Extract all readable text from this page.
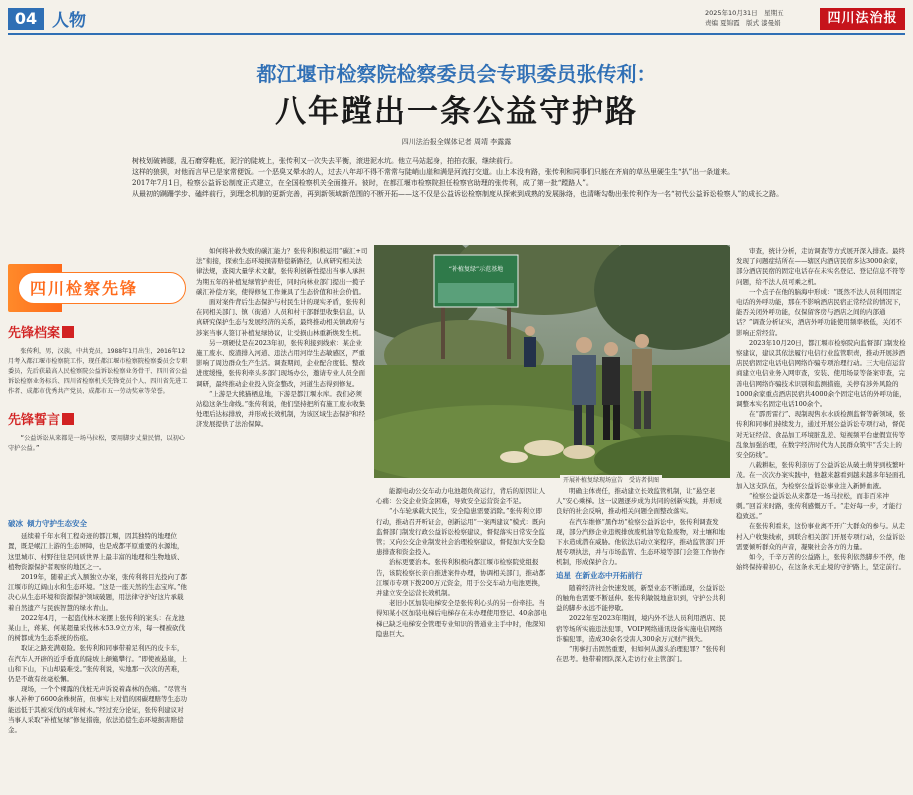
04 人物	2025年10月31日　星期五
责编 夏锦霞　版式 漆曼娟	四川法治报
都江堰市检察院检察委员会专职委员张传利：
八年蹚出一条公益守护路
四川法治报全媒体记者 周靖 李露露

树枝划破裤腿，乱石磨穿鞋底，泥泞的陡坡上，张传利又一次失去平衡，滚进泥水坑。他立马站起身，拍拍衣服，继续前行。

这样的狼狈，对他而言早已是家常便饭。一个恶臭又晕水的人，过去八年却不得不常常与陡峭山崖和满是河流打交道。山上本没有路，张传利和同事们只能在齐肩的草丛里硬生生“扒”出一条道来。

2017年7月1日，检察公益诉讼制度正式建立，在全国检察机关全面推开。彼时，在都江堰市检察院担任检察官助理的张传利，成了第一批“蹚路人”。

从最初的蹒跚学步、磕绊前行，到理念机制的更新完善，再到新领域新范围的不断开拓——这不仅是公益诉讼检察制度从探索到成熟的发展脉络，也清晰勾勒出张传利作为一名“初代公益诉讼检察人”的成长之路。

四川检察先锋
先锋档案
张传利，男，汉族，中共党员，1988年1月出生，2016年12月考入都江堰市检察院工作，现任都江堰市检察院检察委员会专职委员，先后获最高人民检察院公益诉讼检察业务骨干、四川省公益诉讼检察业务标兵、四川省检察机关先锋党员个人、四川省先进工作者、成都市优秀共产党员、成都市五一劳动奖章等荣誉。
先锋誓言
“公益诉讼从来都是一场马拉松，要用脚步丈量民情，以初心守护公益。”
破冰 倾力守护生态安全

延续着千年水利工程奇迹的都江堰，因其独特的地理位置，既是岷江上游的生态屏障，也是成都平原重要的水源地，这里城市、村野往往是同质世界上最丰富的地理和生物地质、植物资源保护者观察的地区之一。

2019年，随着正式入额独立办案，张传利将目光投向了都江堰市的辽阔山水和生态环境。“这是一座天然的生态宝库。”他决心从生态环境和资源保护领域破题，用法律守护好这片承载着自然遗产与民族智慧的绿水青山。

2022年4月，一起盗伐林木案摆上张传利的案头：在龙池某山上，蒋某、何某超量采伐林木53.9立方米，每一棵被砍伐的树都成为生态系统的伤痕。

取证之路充满艰险。张传利和同事带着足利匹的皮卡车，在汽车人开辟的近乎垂直的陡坡上颠簸攀行。“即使被悬崖，上山和下山，下山却最难受。”张传利说，实地那一次次的苦难，仍是不敢有丝毫松懈。

现场，一个个裸露的伐桩无声诉说着森林的伤痛。“尽管当事人补种了6600余株树苗，但事实上对值的困碳理赔等生态功能远低于其被采伐的成年树木。”经过充分论证，张传利建议对当事人采取“补植复绿”修复措施，依法追偿生态环境损害赔偿金。

如何将补救失败的碳汇能力？张传利积极运用“碳汇+司法”衔接，探索生态环境损害赔偿新路径，认真研究相关法律法规，查阅大量学术文献，张传利创新性提出当事人承担为期五年的补植复绿管护责任，同时向林业部门提出一揽子碳汇补偿方案，使得修复工作兼具了生态价值和社会价值。

面对案件背后生态保护与村民生计的现实矛盾，张传利在同相关部门、镇（街道）人员和村干部群里收集信息，认真研究保护生态与发展经济的关系，最终推动相关镇政府与涉案当事人签订补植复绿协议，让受损山林重新焕发生机。

另一项硬仗是在2023年初，张传利接到线索：某企业施工废水、废渣排入河道、违法占用河岸生态敏感区，严重影响了周边群众生产生活。调查期间，企业配合度低、整改进度缓慢，张传利牵头多部门现场办公，邀请专业人员全面调研，最终推动企业投入资金整改，河道生态得到修复。

“上游是大熊猫栖息地，下游是都江堰水库。我们必须站稳这条生命线。”张传利说，他们坚持把所有施工废水收集处理后达标排放，并形成长效机制，为该区域生态保护和经济发展提供了法治保障。

能源电动公交车动力电池超负荷运行，背后的原因让人心痛：公交企业资金困难，导致安全运营资金不足。

“小车轮承载大民生，安全隐患需要消除。”张传利立即行动，推动召开听证会，创新运用“一案两建议”模式：既向监督部门制发行政公益诉讼检察建议，督促落实日常安全监管；又向公交企业制发社会治理检察建议，督促加大安全隐患排查和资金投入。

治标更要治本。张传利积极向都江堰市检察院党组报告，该院检察长亲自推进案件办理，协调相关部门，推动都江堰市专项下拨200万元资金，用于公交车动力电池更换，并建立安全运营长效机制。

老旧小区加装电梯安全是张传利心头的另一份牵挂。当得知某小区加装电梯后电梯存在未办理使用登记、40余部电梯已缺乏电梯安全管理专业知识的普通业主手中时，他深知隐患巨大。

明确主体责任，推动建立长效监管机制，让“悬空老人”安心乘梯。这一议题逐步成为共同的创新实践，并形成良好的社会反响，推动相关问题全面整改落实。

在汽车维修“黑作坊”检察公益诉讼中，张传利调查发现，部分汽修企业违规排放废机油等危险废物，对土壤和地下水造成潜在威胁。他依法启动立案程序，推动监管部门开展专项执法，并与市场监管、生态环境等部门会签工作协作机制，形成保护合力。

追星 在新业态中开拓前行

随着经济社会快速发展，新型业态不断涌现，公益诉讼的触角也需要不断延伸。张传利敏锐地意识到，守护公共利益的脚步永远不能停歇。

2022年至2023年期间，境内外不法人员利用酒店、民宿等场所实施违法犯罪，VOIP网络通讯设备实施电信网络诈骗犯罪，造成30余名受害人300余万元财产损失。

“刑事打击固然重要，但如何从源头治理犯罪？”张传利在思考。他带着团队深入走访行业主管部门。

审查，统计分析，走访调查等方式展开深入排查。最终发现了问题症结所在——辖区内酒店民宿多达3000余家，部分酒店民宿的固定电话存在未实名登记、登记信息不符等问题，给不法人员可乘之机。

一个点子在他的脑海中形成：“既然不法人员利用固定电话的外呼功能，那在不影响酒店民宿正常经营的情况下，能否关闭外呼功能，仅保留客房与酒店之间的内部通话？”调查分析证实，酒店外呼功能使用频率极低，关闭不影响正常经营。

2023年10月20日，都江堰市检察院向监督部门制发检察建议，建议其依法履行电信行业监管职责，推动开展涉酒店民宿固定电话电信网络诈骗专项治理行动。三大电信运营商建立电信业务入网审查，安装、使用场景等备案审查，完善电信网络诈骗技术识别和监测措施，关停有涉外风险的1000余家重点酒店民宿共4000余个固定电话的外呼功能，调整本实名固定电话100余个。

在“霹雳雷行”、现制现售水水质检测监督等新领域，张传利和同事们持续发力，通过开展公益诉讼专项行动，督促对无证经营、食品加工环境脏乱差、短视频平台虚假宣传等乱象加强治理，在数字经济时代为人民群众筑牢“舌尖上的安全防线”。

八载耕耘，张传利亲历了公益诉讼从破土萌芽到枝繁叶茂。在一次次办案实践中，他越来越看到越来越多年轻面孔加入这支队伍，为检察公益诉讼事业注入新鲜血液。

“检察公益诉讼从来都是一场马拉松，而非百米冲刺。”回首来时路，张传利感慨万千。“走好每一步，才能行稳致远。”

在张传利看来，这份事业离不开广大群众的参与。从走村入户收集线索，到联合相关部门开展专项行动，公益诉讼需要倾听群众的声音，凝聚社会各方的力量。

如今，千辛万苦的公益路上，张传利依然脚步不停，他始终保持着初心，在这条永无止境的守护路上，坚定前行。

“补植复绿”示范基地
开展补植复绿现场宣告　受访者供图
